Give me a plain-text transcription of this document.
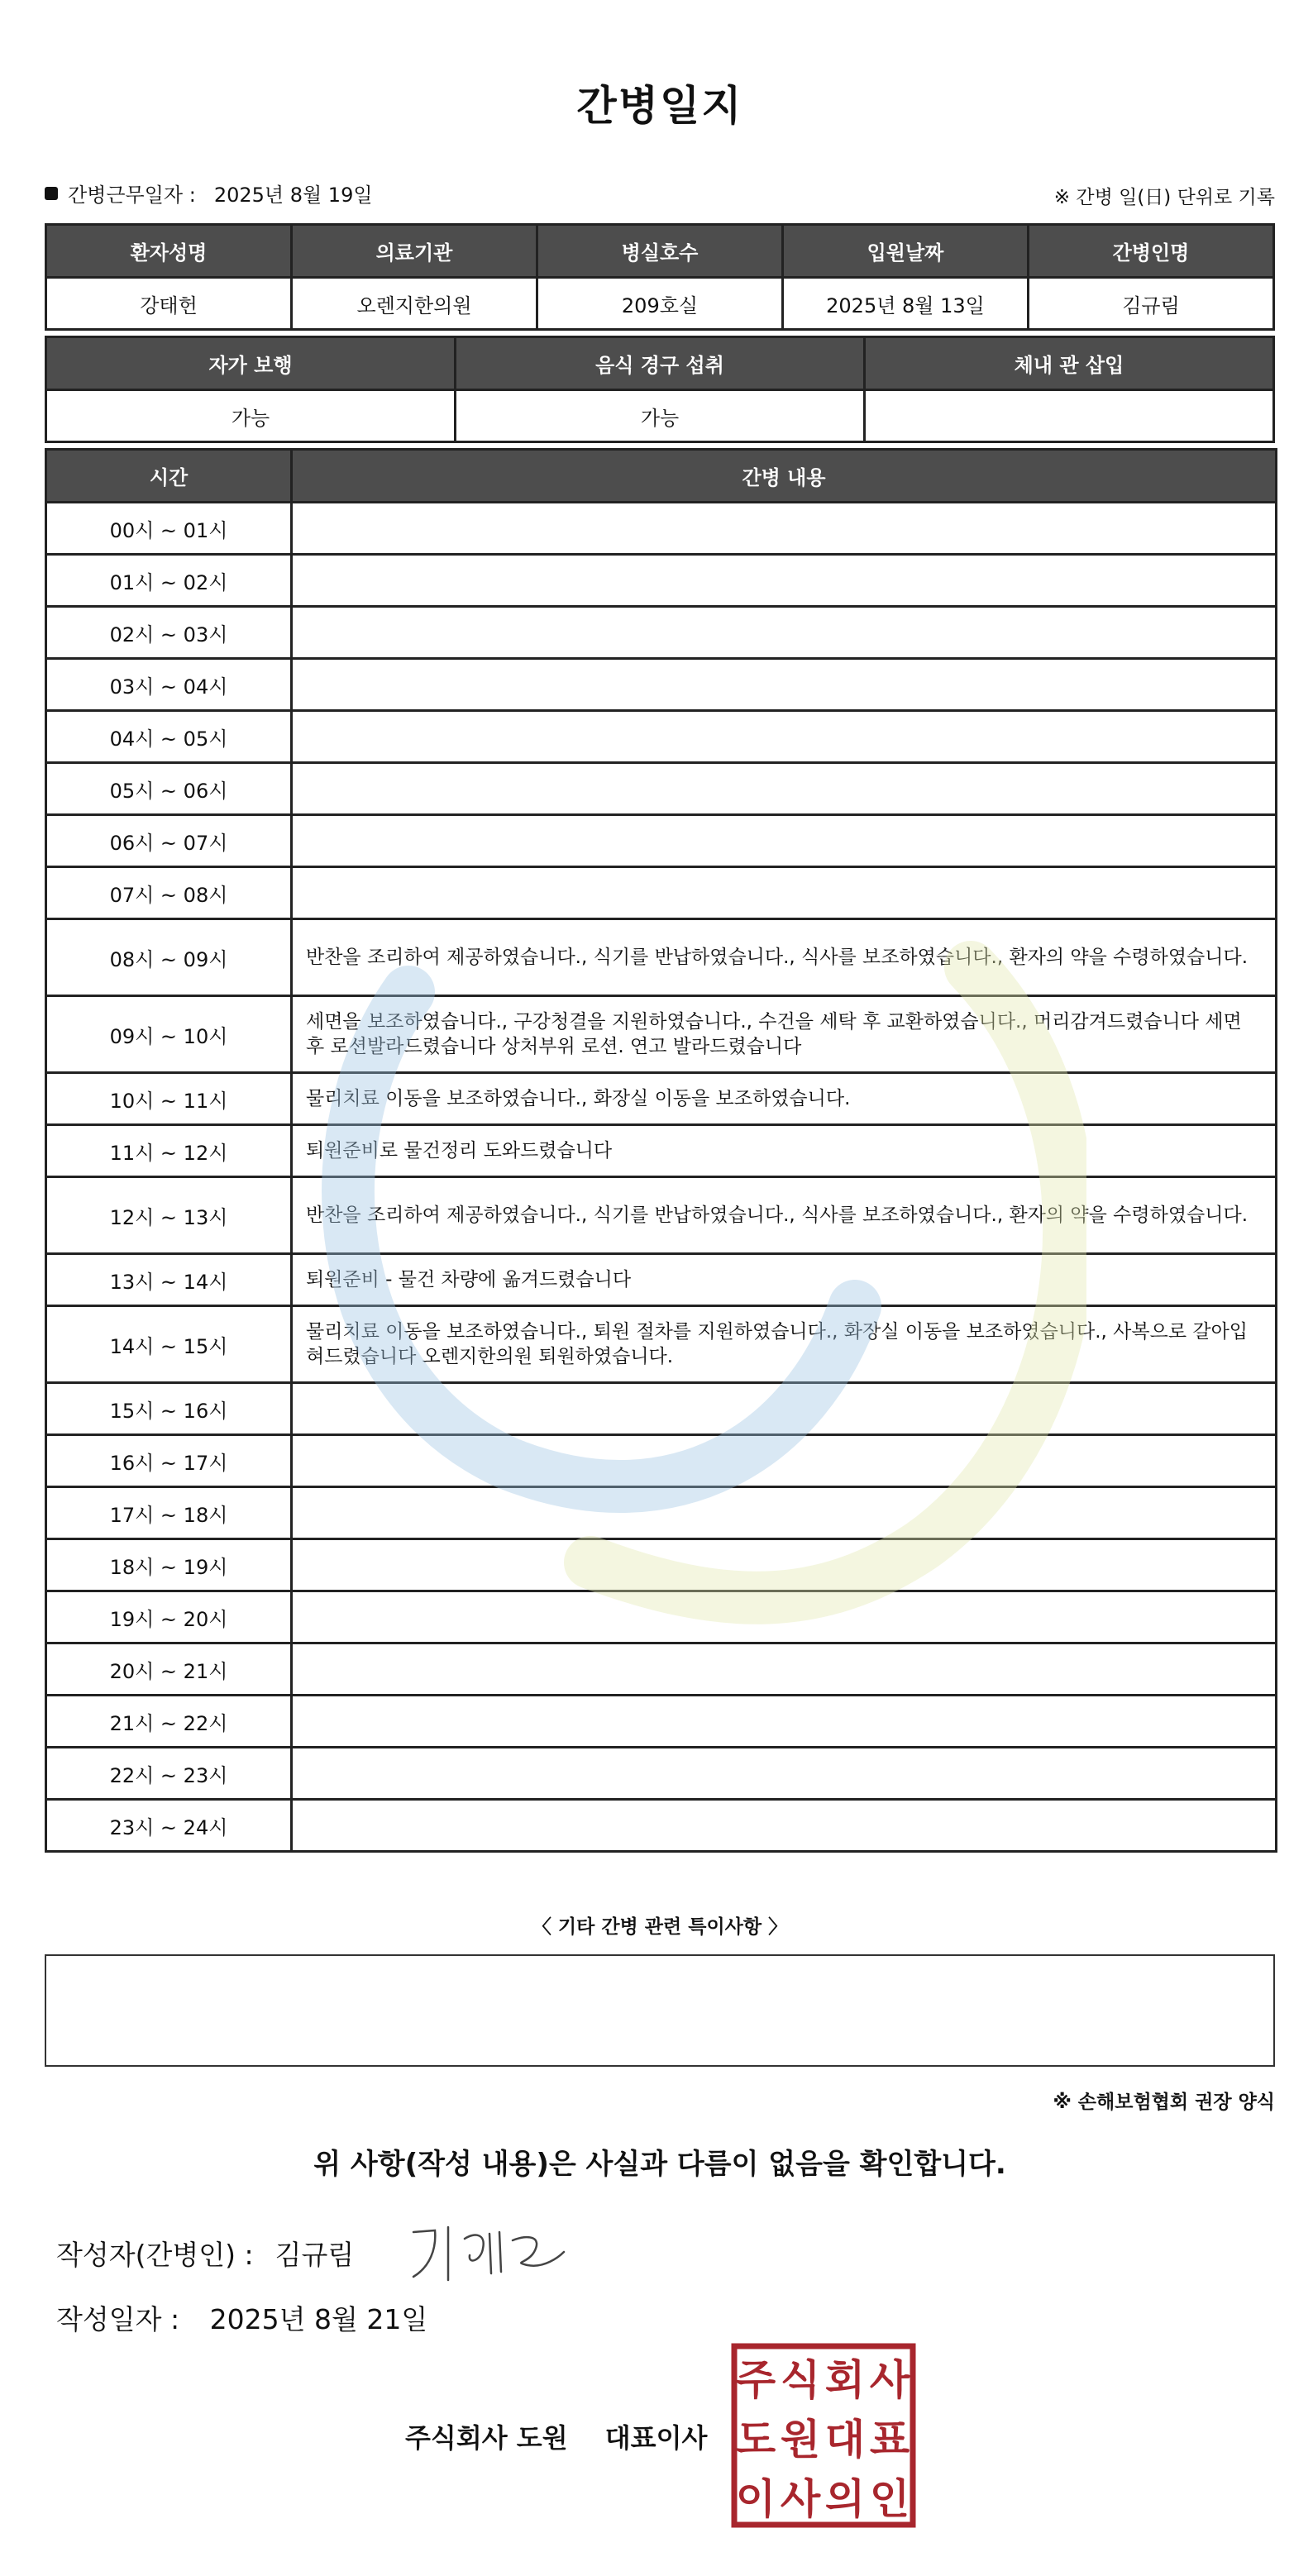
간병일지
간병근무일자 : 2025년 8월 19일	※ 간병 일(日) 단위로 기록
환자성명	의료기관	병실호수	입원날짜	간병인명
강태헌	오렌지한의원	209호실	2025년 8월 13일	김규림
자가 보행	음식 경구 섭취	체내 관 삽입
가능	가능	
시간	간병 내용
00시 ~ 01시	
01시 ~ 02시	
02시 ~ 03시	
03시 ~ 04시	
04시 ~ 05시	
05시 ~ 06시	
06시 ~ 07시	
07시 ~ 08시	
08시 ~ 09시	반찬을 조리하여 제공하였습니다., 식기를 반납하였습니다., 식사를 보조하였습니다., 환자의 약을 수령하였습니다.
09시 ~ 10시	세면을 보조하였습니다., 구강청결을 지원하였습니다., 수건을 세탁 후 교환하였습니다., 머리감겨드렸습니다 세면 후 로션발라드렸습니다 상처부위 로션. 연고 발라드렸습니다
10시 ~ 11시	물리치료 이동을 보조하였습니다., 화장실 이동을 보조하였습니다.
11시 ~ 12시	퇴원준비로 물건정리 도와드렸습니다
12시 ~ 13시	반찬을 조리하여 제공하였습니다., 식기를 반납하였습니다., 식사를 보조하였습니다., 환자의 약을 수령하였습니다.
13시 ~ 14시	퇴원준비 - 물건 차량에 옮겨드렸습니다
14시 ~ 15시	물리치료 이동을 보조하였습니다., 퇴원 절차를 지원하였습니다., 화장실 이동을 보조하였습니다., 사복으로 갈아입혀드렸습니다 오렌지한의원 퇴원하였습니다.
15시 ~ 16시	
16시 ~ 17시	
17시 ~ 18시	
18시 ~ 19시	
19시 ~ 20시	
20시 ~ 21시	
21시 ~ 22시	
22시 ~ 23시	
23시 ~ 24시	
〈 기타 간병 관련 특이사항 〉
※ 손해보험협회 권장 양식
위 사항(작성 내용)은 사실과 다름이 없음을 확인합니다.
작성자(간병인) : 김규림
작성일자 : 2025년 8월 21일
주식회사 도원 대표이사
주 식 회 사
도 원 대 표
이 사 의 인
